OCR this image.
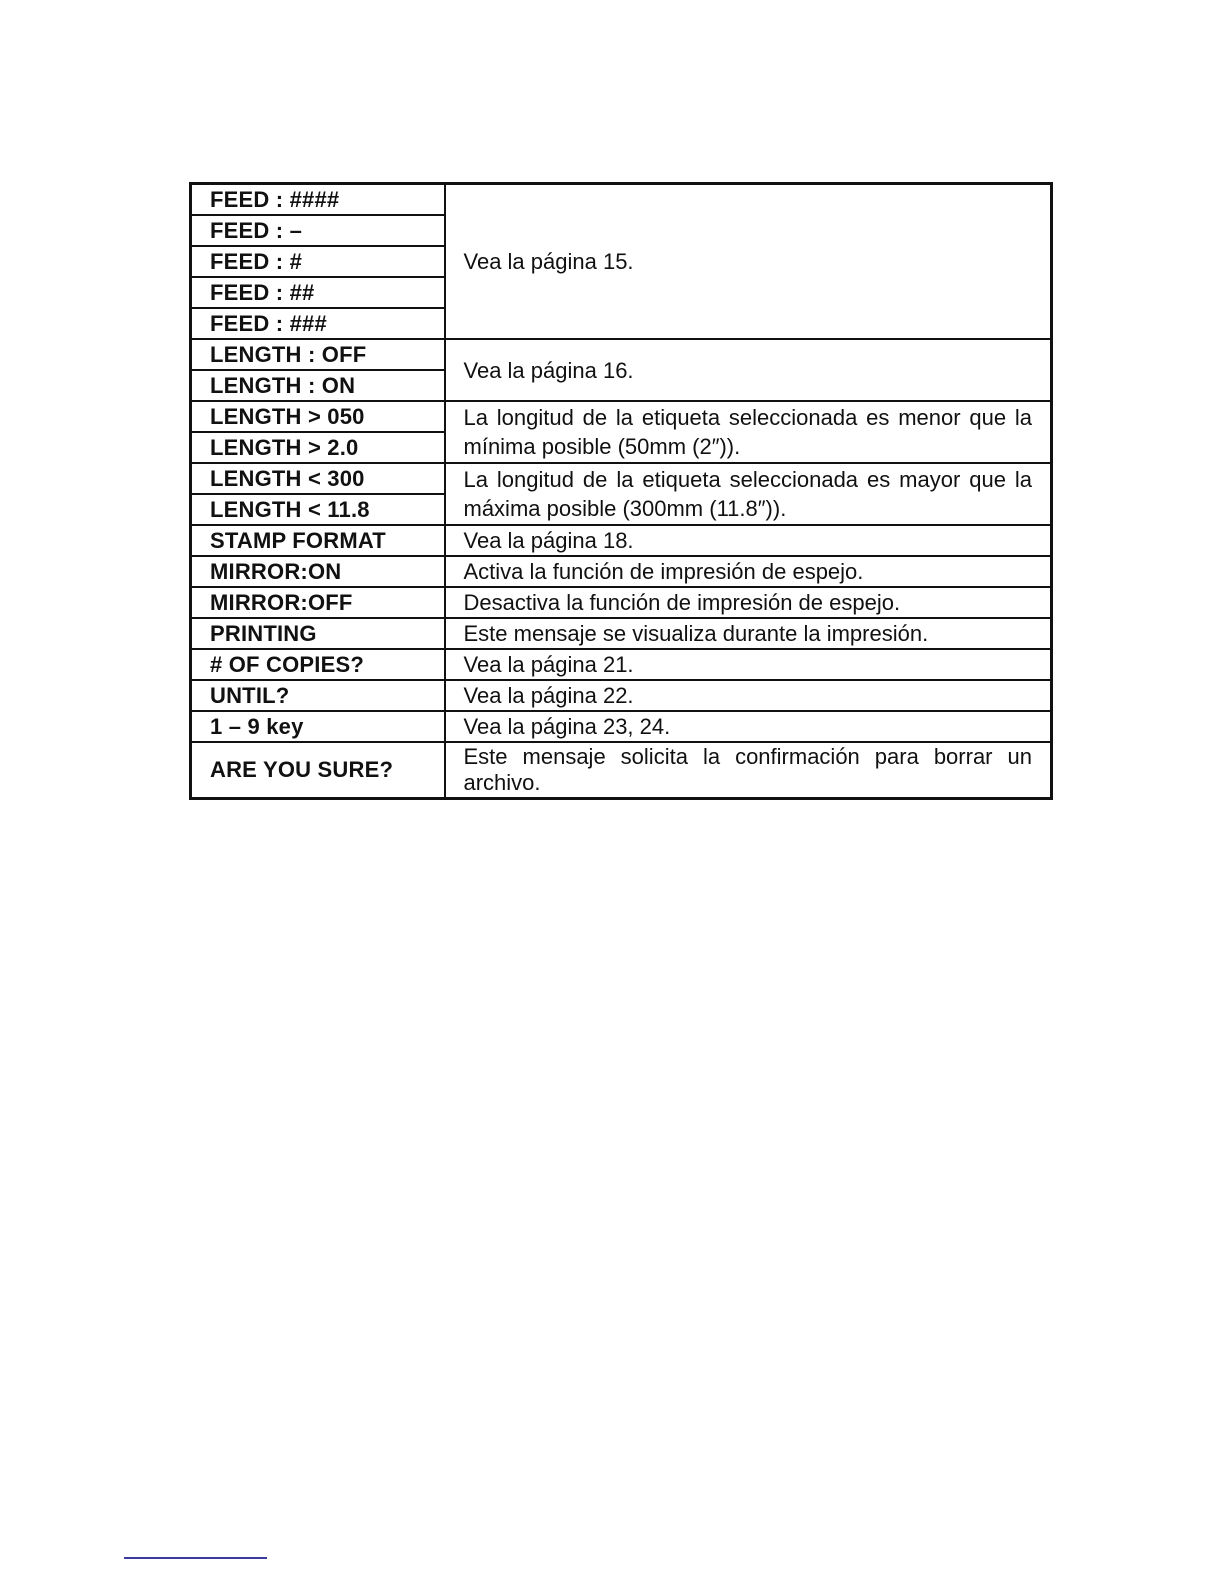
FEED : ####	Vea la página 15.
FEED : –	
FEED : #	
FEED : ##	
FEED : ###	
LENGTH : OFF	Vea la página 16.
LENGTH : ON	
LENGTH > 050	La longitud de la etiqueta seleccionada es menor que la mínima posible (50mm (2″)).
LENGTH > 2.0	
LENGTH < 300	La longitud de la etiqueta seleccionada es mayor que la máxima posible (300mm (11.8″)).
LENGTH < 11.8	
STAMP FORMAT	Vea la página 18.
MIRROR:ON	Activa la función de impresión de espejo.
MIRROR:OFF	Desactiva la función de impresión de espejo.
PRINTING	Este mensaje se visualiza durante la impresión.
# OF COPIES?	Vea la página 21.
UNTIL?	Vea la página 22.
1 – 9 key	Vea la página 23, 24.
ARE YOU SURE?	Este mensaje solicita la confirmación para borrar un archivo.
